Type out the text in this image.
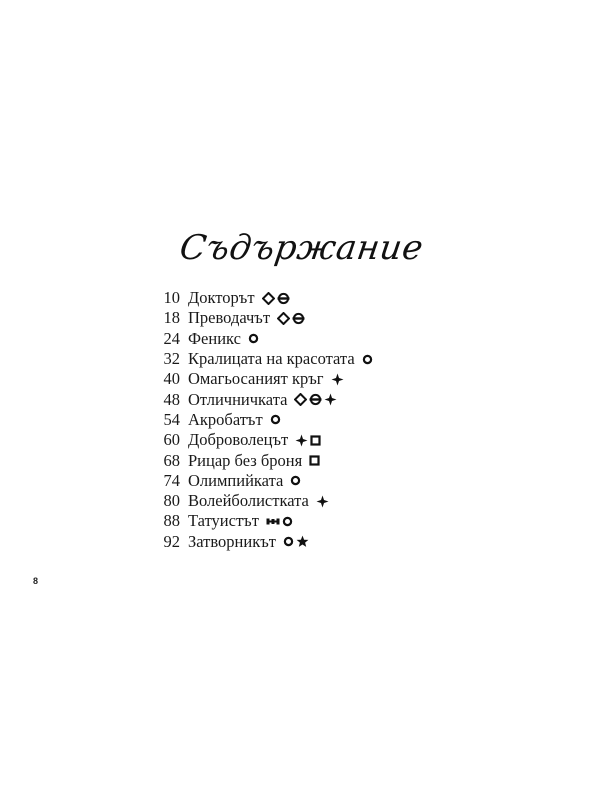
Съдържание
10 Докторът
18 Преводачът
24 Феникс
32 Кралицата на красотата
40 Омагьосаният кръг
48 Отличничката
54 Акробатът
60 Доброволецът
68 Рицар без броня
74 Олимпийката
80 Волейболистката
88 Татуистът
92 Затворникът
8
